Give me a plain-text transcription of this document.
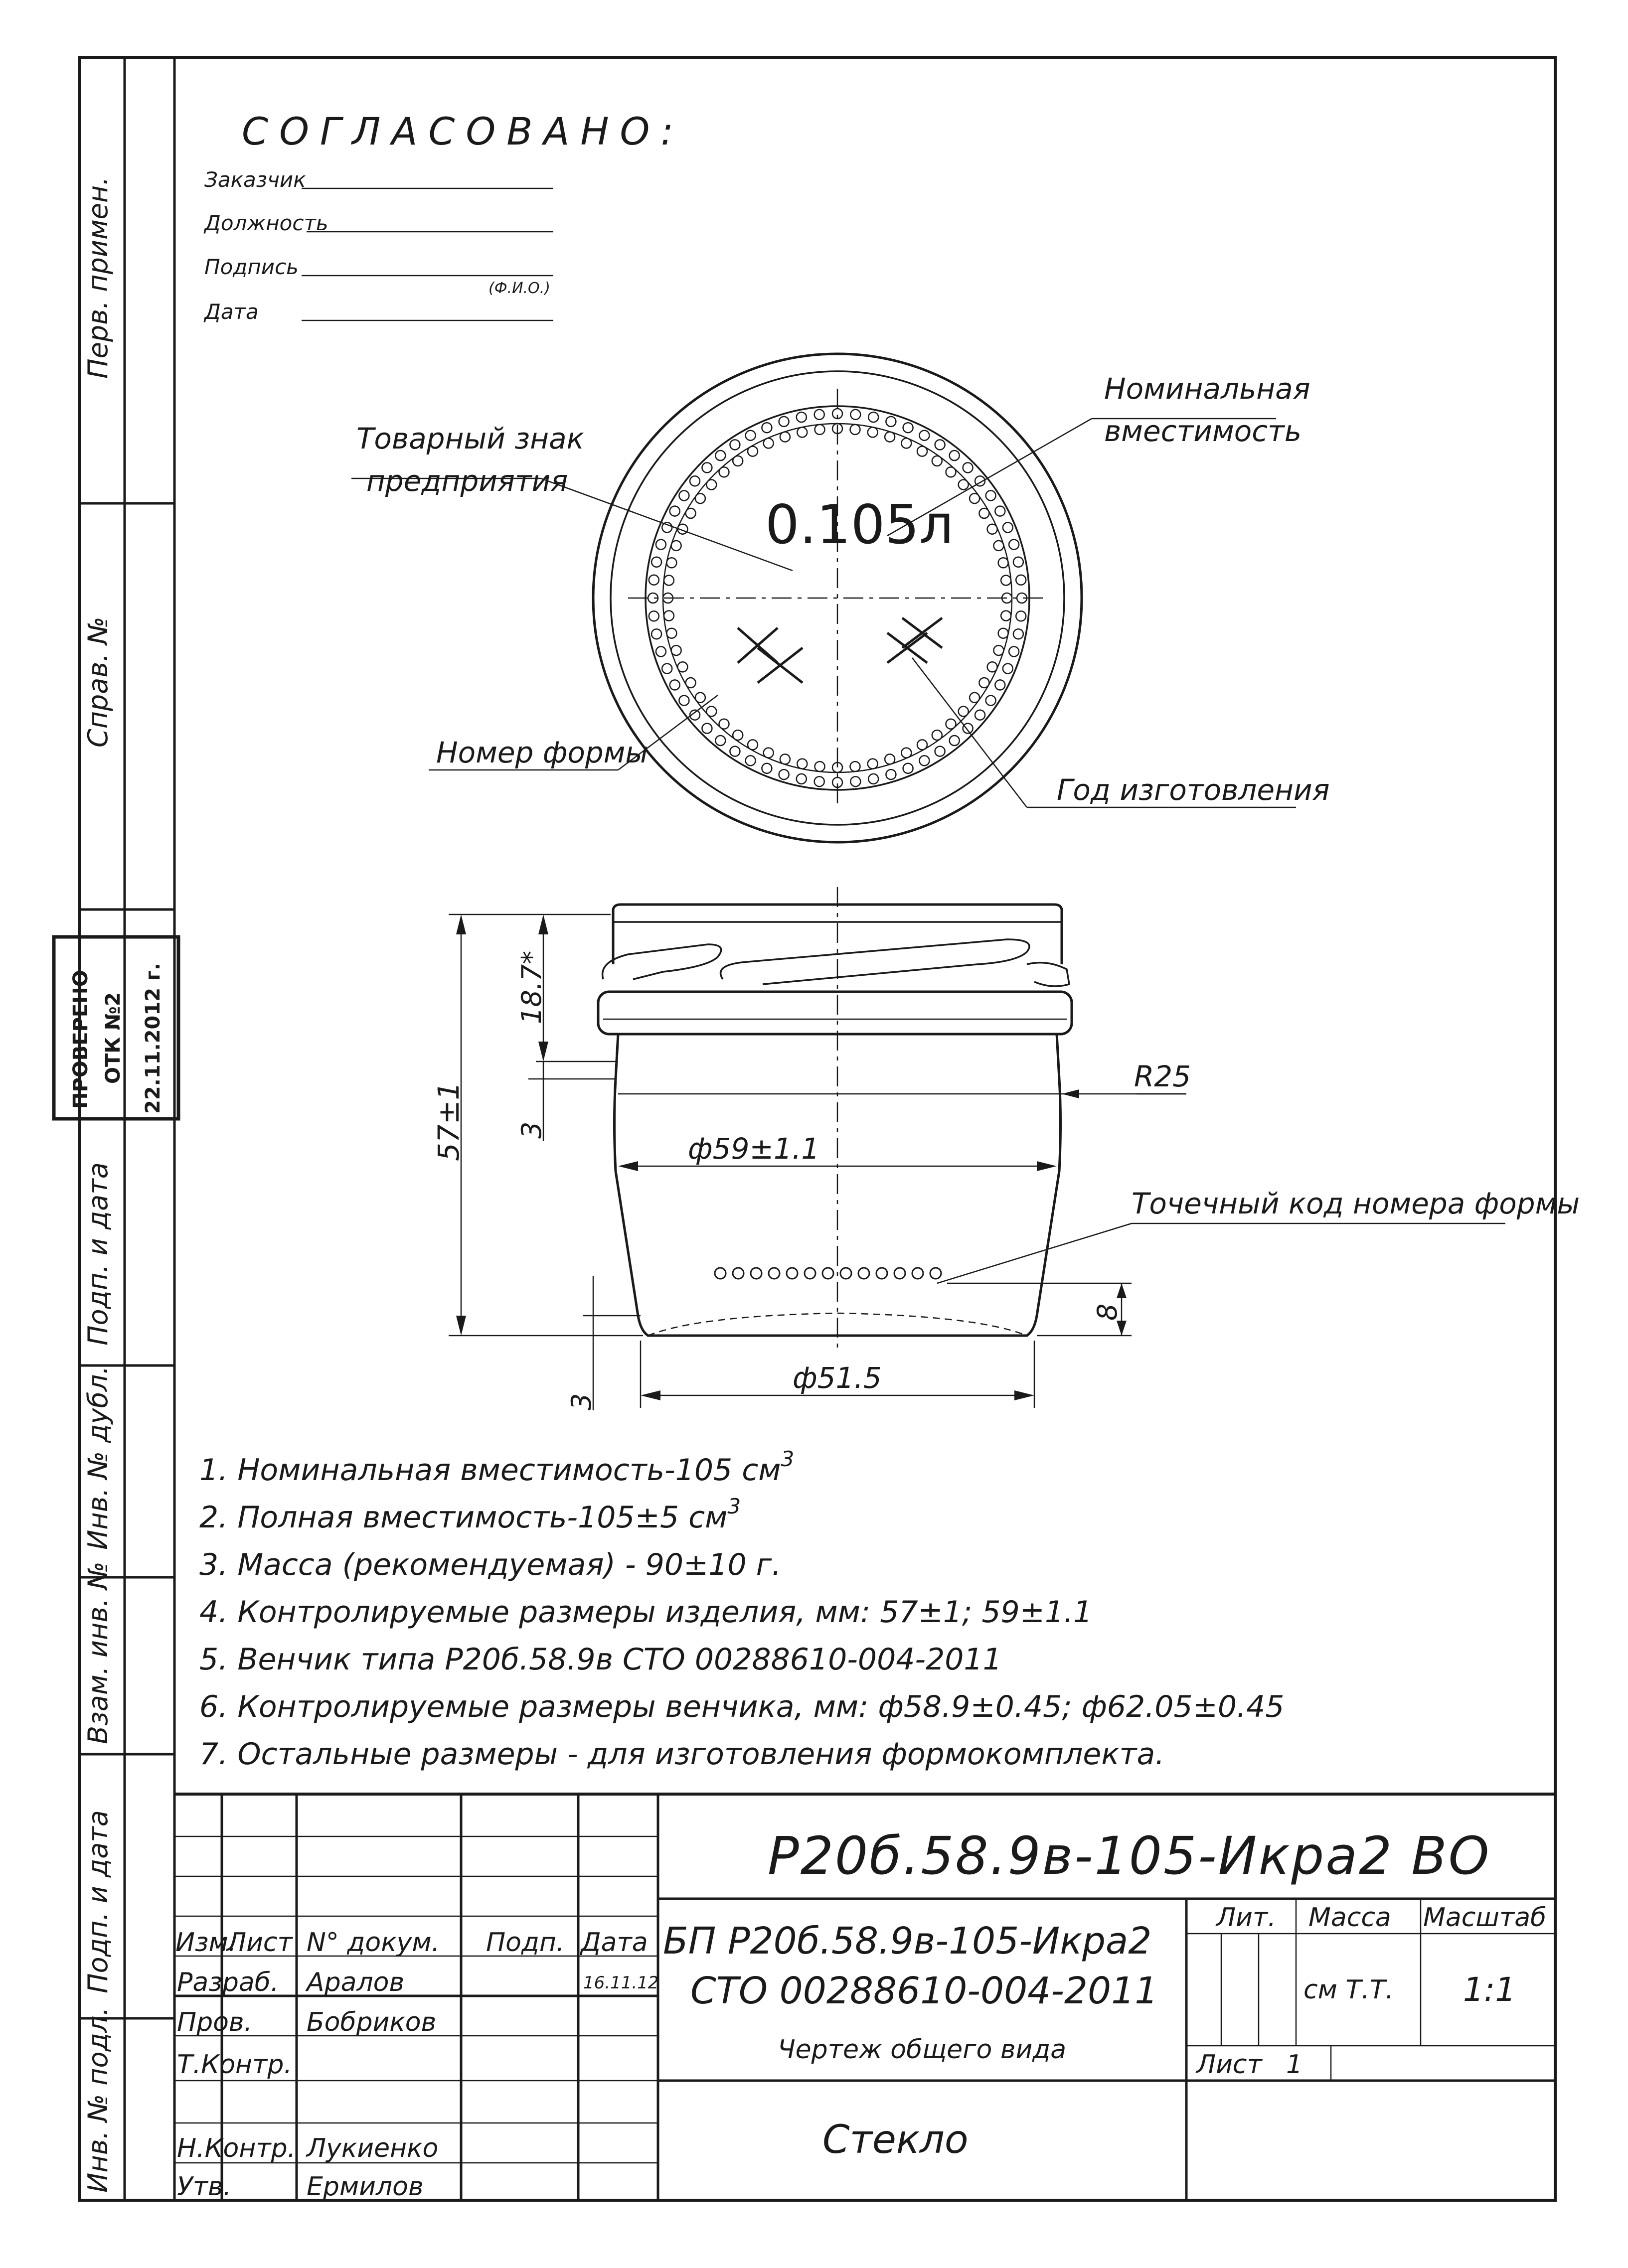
Перв. примен.
Справ. №
Подп. и дата
Инв. № дубл.
Взам. инв. №
Подп. и дата
Инв. № подл.
ПРОВЕРЕНО ОТК №2 22.11.2012 г.
СОГЛАСОВАНО:
Заказчик
Должность
Подпись
(Ф.И.О.)
Дата
0.105л
Товарный знак
предприятия
Номинальная
вместимость
Номер формы
Год изготовления
57±1
18.7*
3
R25
ф59±1.1
Точечный код номера формы
8
3
ф51.5
1. Номинальная вместимость-105 $см^3$
2. Полная вместимость-105±5 $см^3$
3. Масса (рекомендуемая) - 90±10 г.
4. Контролируемые размеры изделия, мм: 57±1; 59±1.1
5. Венчик типа Р20б.58.9в СТО 00288610-004-2011
6. Контролируемые размеры венчика, мм: ф58.9±0.45; ф62.05±0.45
7. Остальные размеры - для изготовления формокомплекта.
Изм.
Лист N° докум. Подп. Дата
Разраб. Аралов	16.11.12
Пров. Бобриков
Т.Контр.
Н.Контр. Лукиенко
Утв.	Ермилов
Р20б.58.9в-105-Икра2 ВО
БП Р20б.58.9в-105-Икра2
СТО 00288610-004-2011
Чертеж общего вида
Стекло
Лит. Масса Масштаб
см Т.Т. 1:1
Лист 1
